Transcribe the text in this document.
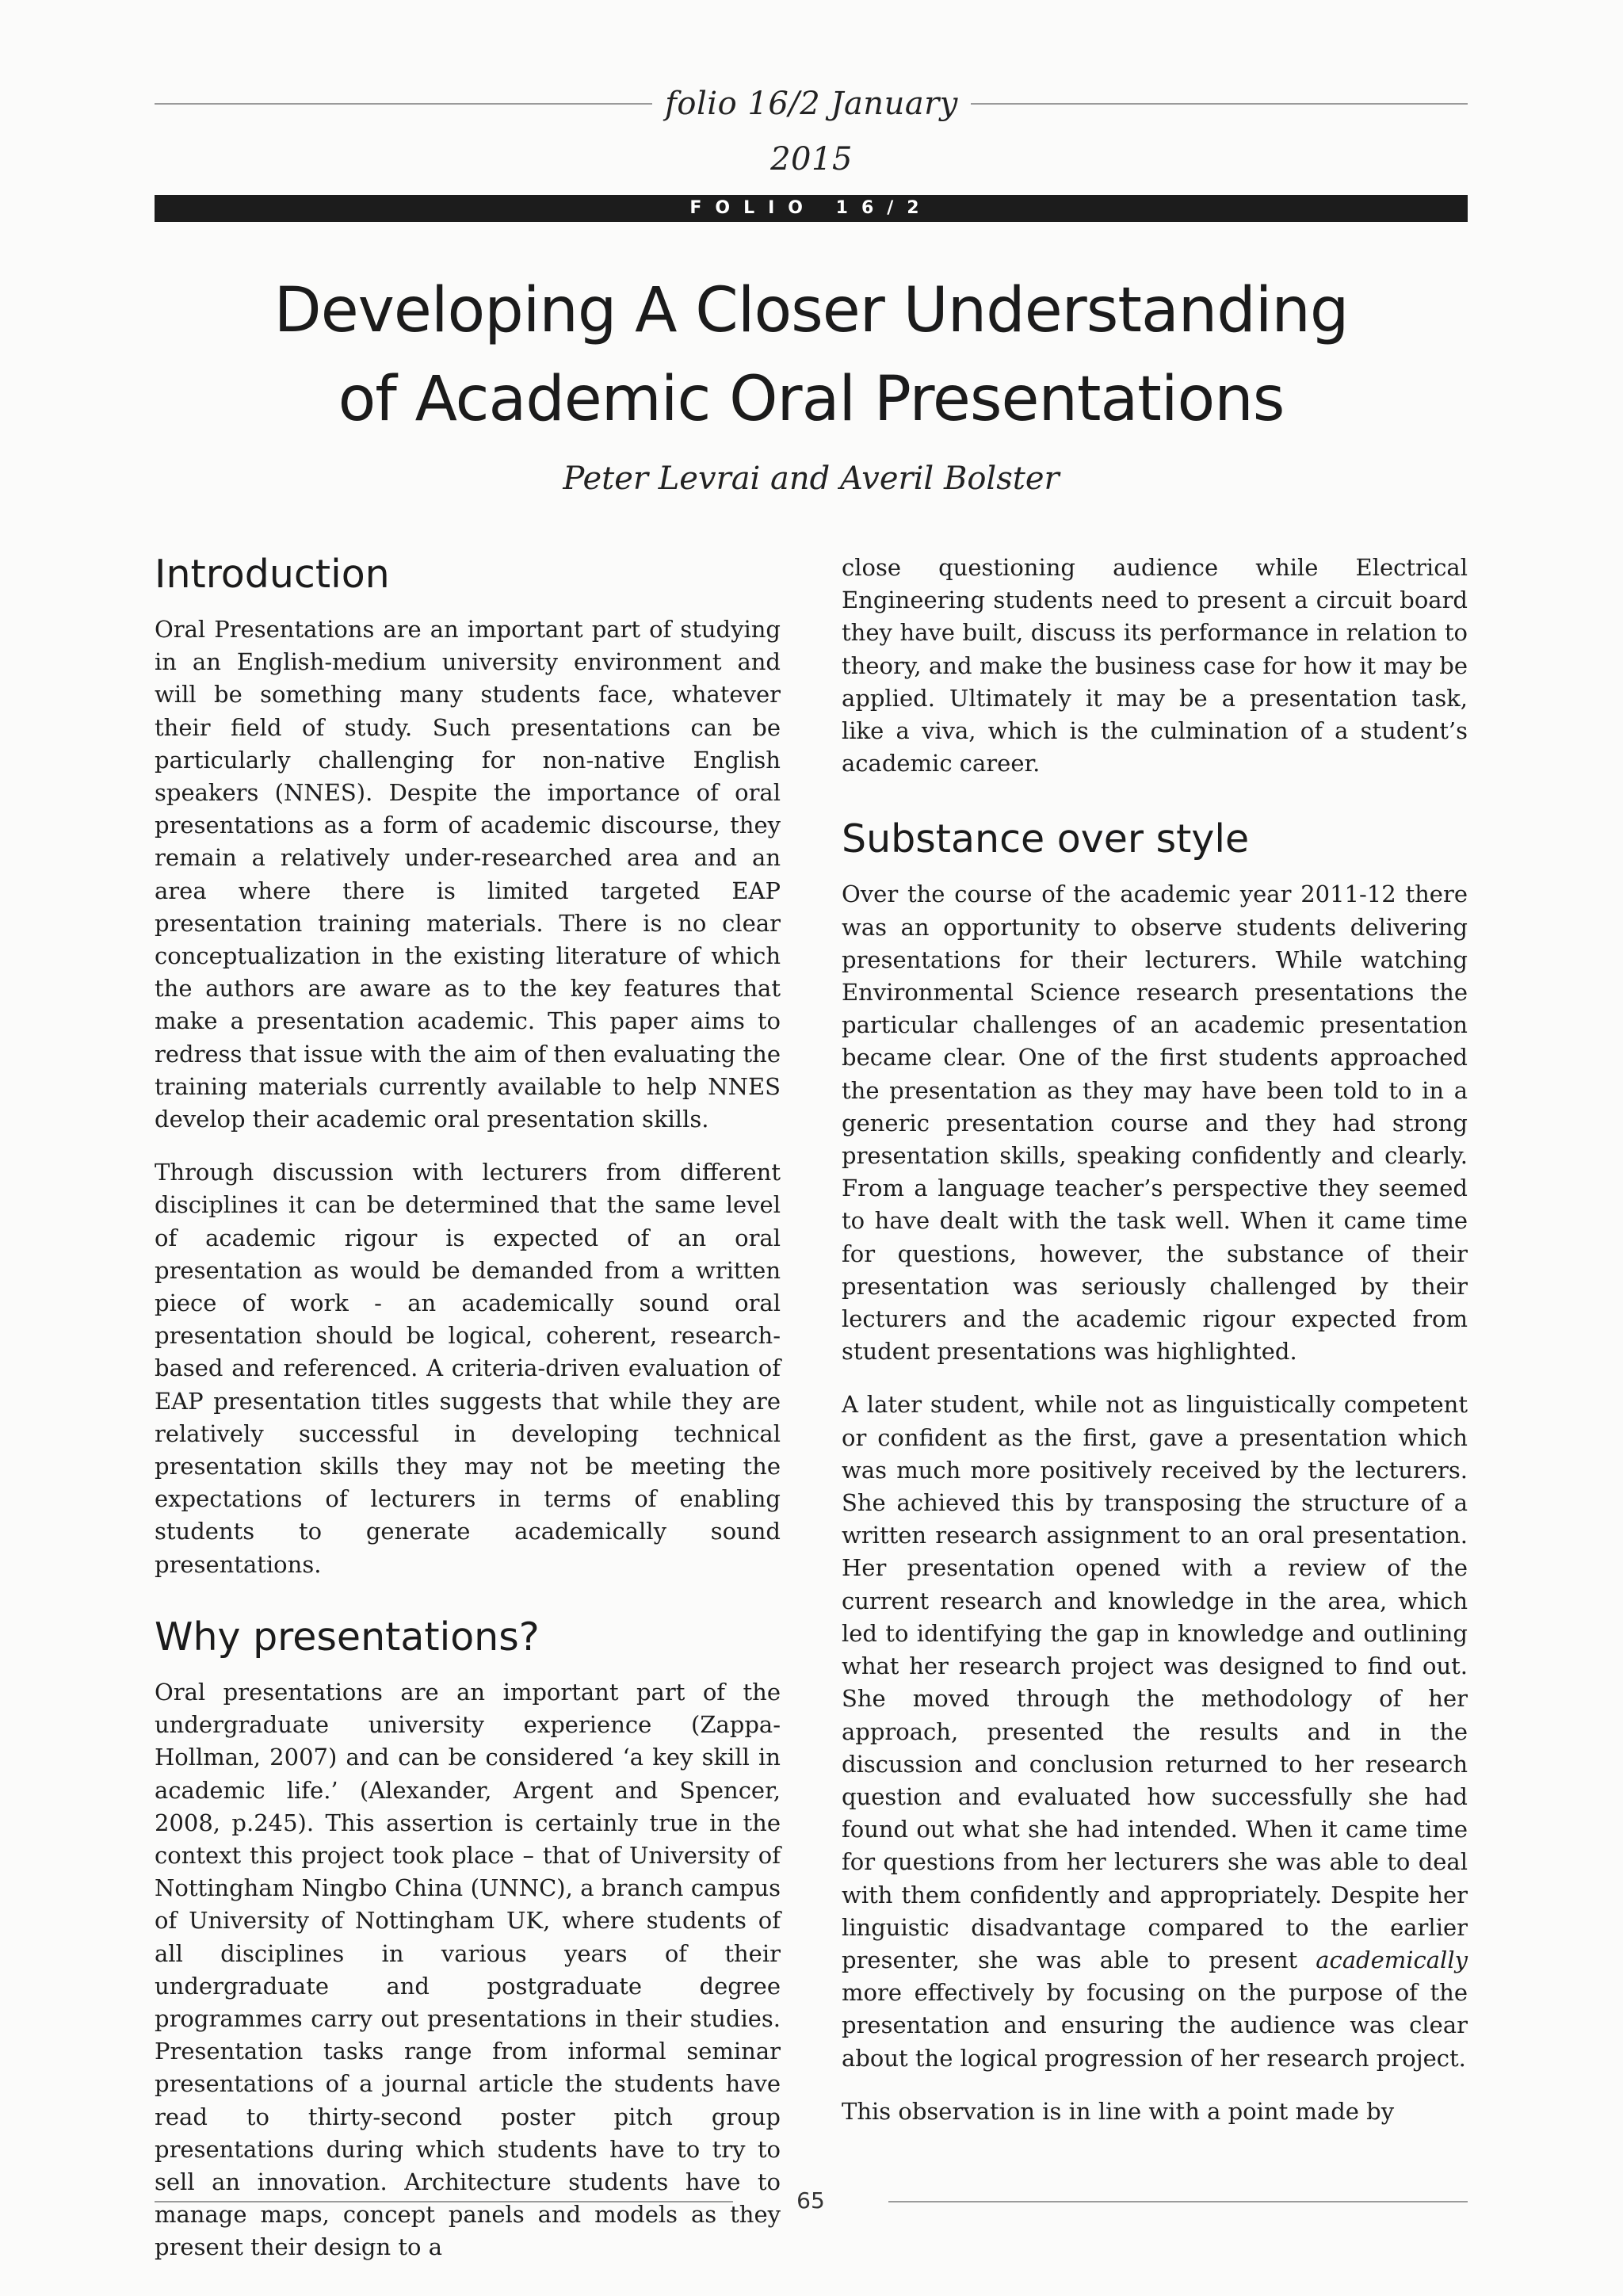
folio 16/2 January 2015
FOLIO 16/2
Developing A Closer Understanding
of Academic Oral Presentations
Peter Levrai and Averil Bolster
Introduction

Oral Presentations are an important part of studying in an English-medium university environment and will be something many students face, whatever their field of study. Such presentations can be particularly challenging for non-native English speakers (NNES). Despite the importance of oral presentations as a form of academic discourse, they remain a relatively under-researched area and an area where there is limited targeted EAP presentation training materials. There is no clear conceptualization in the existing literature of which the authors are aware as to the key features that make a presentation academic. This paper aims to redress that issue with the aim of then evaluating the training materials currently available to help NNES develop their academic oral presentation skills.

Through discussion with lecturers from different disciplines it can be determined that the same level of academic rigour is expected of an oral presentation as would be demanded from a written piece of work - an academically sound oral presentation should be logical, coherent, research-based and referenced. A criteria-driven evaluation of EAP presentation titles suggests that while they are relatively successful in developing technical presentation skills they may not be meeting the expectations of lecturers in terms of enabling students to generate academically sound presentations.

Why presentations?

Oral presentations are an important part of the undergraduate university experience (Zappa-Hollman, 2007) and can be considered ‘a key skill in academic life.’ (Alexander, Argent and Spencer, 2008, p.245). This assertion is certainly true in the context this project took place – that of University of Nottingham Ningbo China (UNNC), a branch campus of University of Nottingham UK, where students of all disciplines in various years of their undergraduate and postgraduate degree programmes carry out presentations in their studies. Presentation tasks range from informal seminar presentations of a journal article the students have read to thirty-second poster pitch group presentations during which students have to try to sell an innovation. Architecture students have to manage maps, concept panels and models as they present their design to a

close questioning audience while Electrical Engineering students need to present a circuit board they have built, discuss its performance in relation to theory, and make the business case for how it may be applied. Ultimately it may be a presentation task, like a viva, which is the culmination of a student’s academic career.

Substance over style

Over the course of the academic year 2011-12 there was an opportunity to observe students delivering presentations for their lecturers. While watching Environmental Science research presentations the particular challenges of an academic presentation became clear. One of the first students approached the presentation as they may have been told to in a generic presentation course and they had strong presentation skills, speaking confidently and clearly. From a language teacher’s perspective they seemed to have dealt with the task well. When it came time for questions, however, the substance of their presentation was seriously challenged by their lecturers and the academic rigour expected from student presentations was highlighted.

A later student, while not as linguistically competent or confident as the first, gave a presentation which was much more positively received by the lecturers. She achieved this by transposing the structure of a written research assignment to an oral presentation. Her presentation opened with a review of the current research and knowledge in the area, which led to identifying the gap in knowledge and outlining what her research project was designed to find out. She moved through the methodology of her approach, presented the results and in the discussion and conclusion returned to her research question and evaluated how successfully she had found out what she had intended. When it came time for questions from her lecturers she was able to deal with them confidently and appropriately. Despite her linguistic disadvantage compared to the earlier presenter, she was able to present academically more effectively by focusing on the purpose of the presentation and ensuring the audience was clear about the logical progression of her research project.

This observation is in line with a point made by

65
